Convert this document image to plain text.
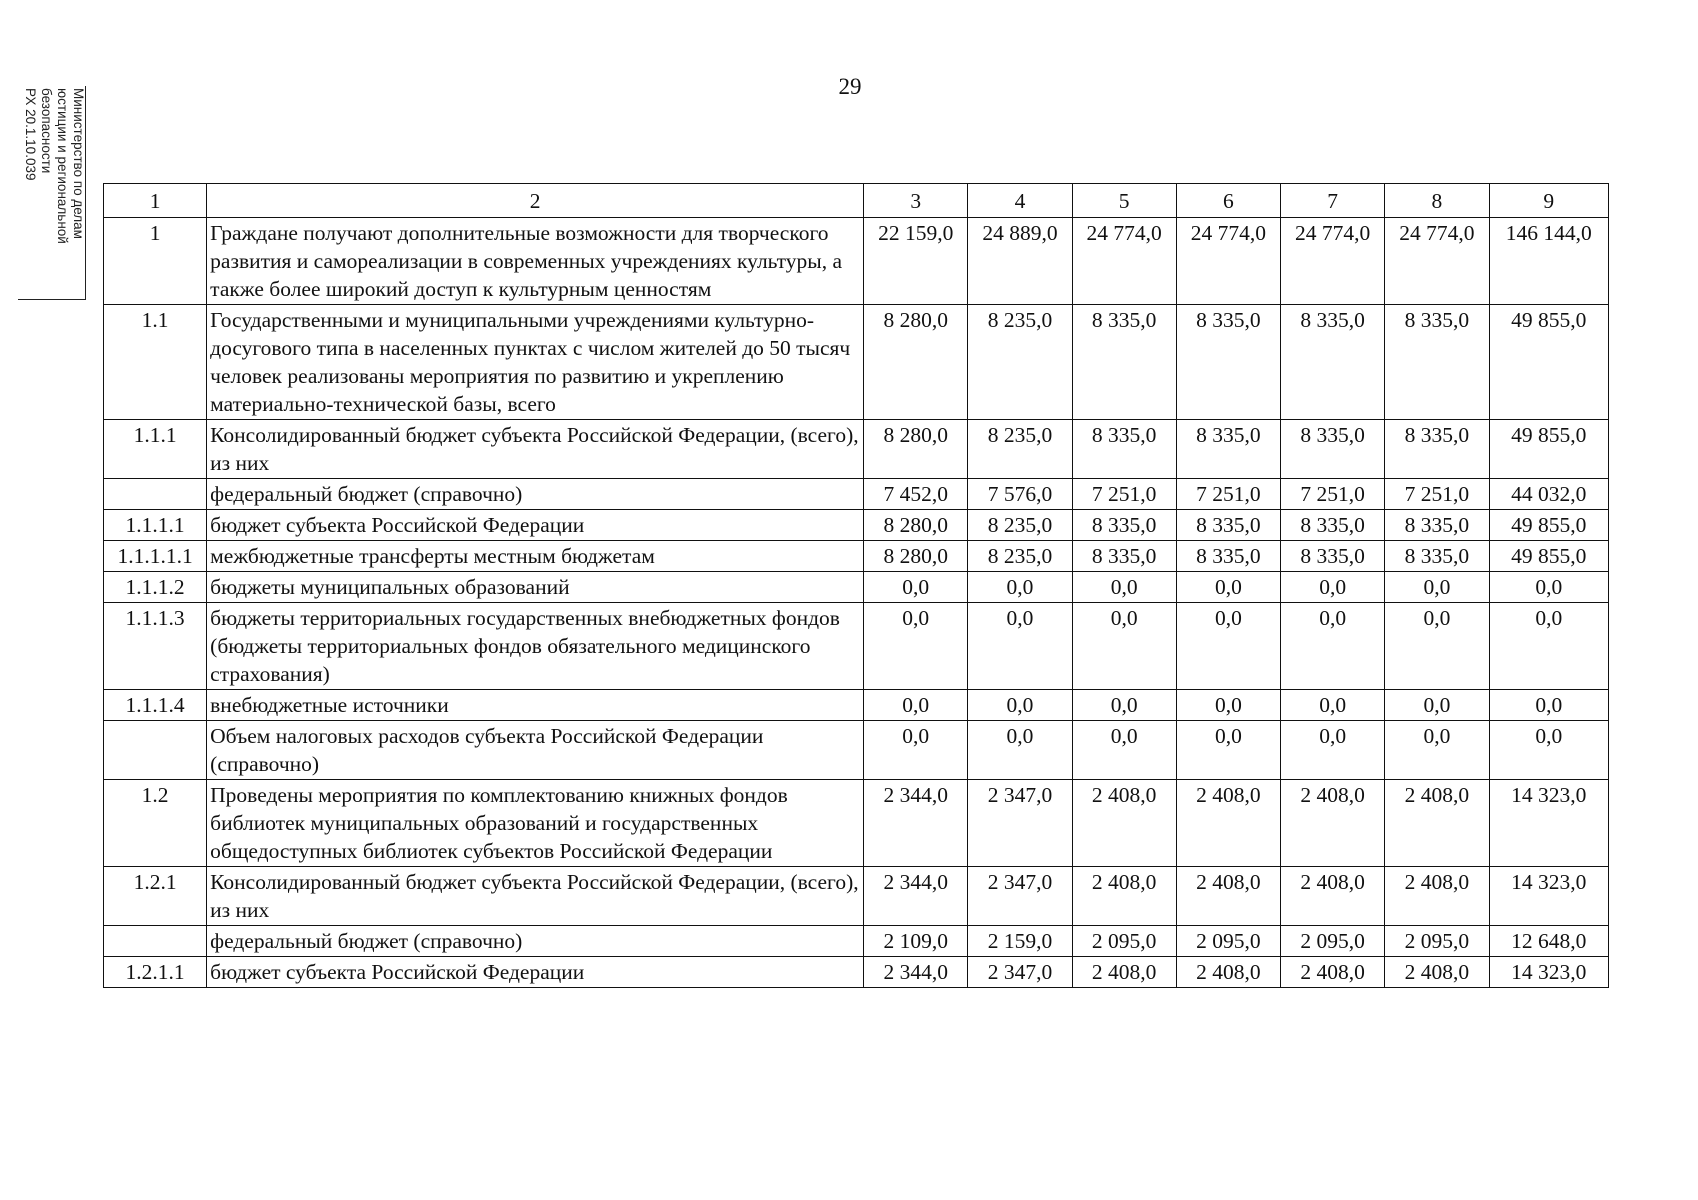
29
Министерство по делам
юстиции и региональной
безопасности
РХ 20.1.10.039
1	2	3	4	5	6	7	8	9
1	Граждане получают дополнительные возможности для творческого развития и самореализации в современных учреждениях культуры, а также более широкий доступ к культурным ценностям	22 159,0	24 889,0	24 774,0	24 774,0	24 774,0	24 774,0	146 144,0
1.1	Государственными и муниципальными учреждениями культурно-досугового типа в населенных пунктах с числом жителей до 50 тысяч человек реализованы мероприятия по развитию и укреплению материально-технической базы, всего	8 280,0	8 235,0	8 335,0	8 335,0	8 335,0	8 335,0	49 855,0
1.1.1	Консолидированный бюджет субъекта Российской Федерации, (всего), из них	8 280,0	8 235,0	8 335,0	8 335,0	8 335,0	8 335,0	49 855,0
	федеральный бюджет (справочно)	7 452,0	7 576,0	7 251,0	7 251,0	7 251,0	7 251,0	44 032,0
1.1.1.1	бюджет субъекта Российской Федерации	8 280,0	8 235,0	8 335,0	8 335,0	8 335,0	8 335,0	49 855,0
1.1.1.1.1	межбюджетные трансферты местным бюджетам	8 280,0	8 235,0	8 335,0	8 335,0	8 335,0	8 335,0	49 855,0
1.1.1.2	бюджеты муниципальных образований	0,0	0,0	0,0	0,0	0,0	0,0	0,0
1.1.1.3	бюджеты территориальных государственных внебюджетных фондов (бюджеты территориальных фондов обязательного медицинского страхования)	0,0	0,0	0,0	0,0	0,0	0,0	0,0
1.1.1.4	внебюджетные источники	0,0	0,0	0,0	0,0	0,0	0,0	0,0
	Объем налоговых расходов субъекта Российской Федерации (справочно)	0,0	0,0	0,0	0,0	0,0	0,0	0,0
1.2	Проведены мероприятия по комплектованию книжных фондов библиотек муниципальных образований и государственных общедоступных библиотек субъектов Российской Федерации	2 344,0	2 347,0	2 408,0	2 408,0	2 408,0	2 408,0	14 323,0
1.2.1	Консолидированный бюджет субъекта Российской Федерации, (всего), из них	2 344,0	2 347,0	2 408,0	2 408,0	2 408,0	2 408,0	14 323,0
	федеральный бюджет (справочно)	2 109,0	2 159,0	2 095,0	2 095,0	2 095,0	2 095,0	12 648,0
1.2.1.1	бюджет субъекта Российской Федерации	2 344,0	2 347,0	2 408,0	2 408,0	2 408,0	2 408,0	14 323,0
